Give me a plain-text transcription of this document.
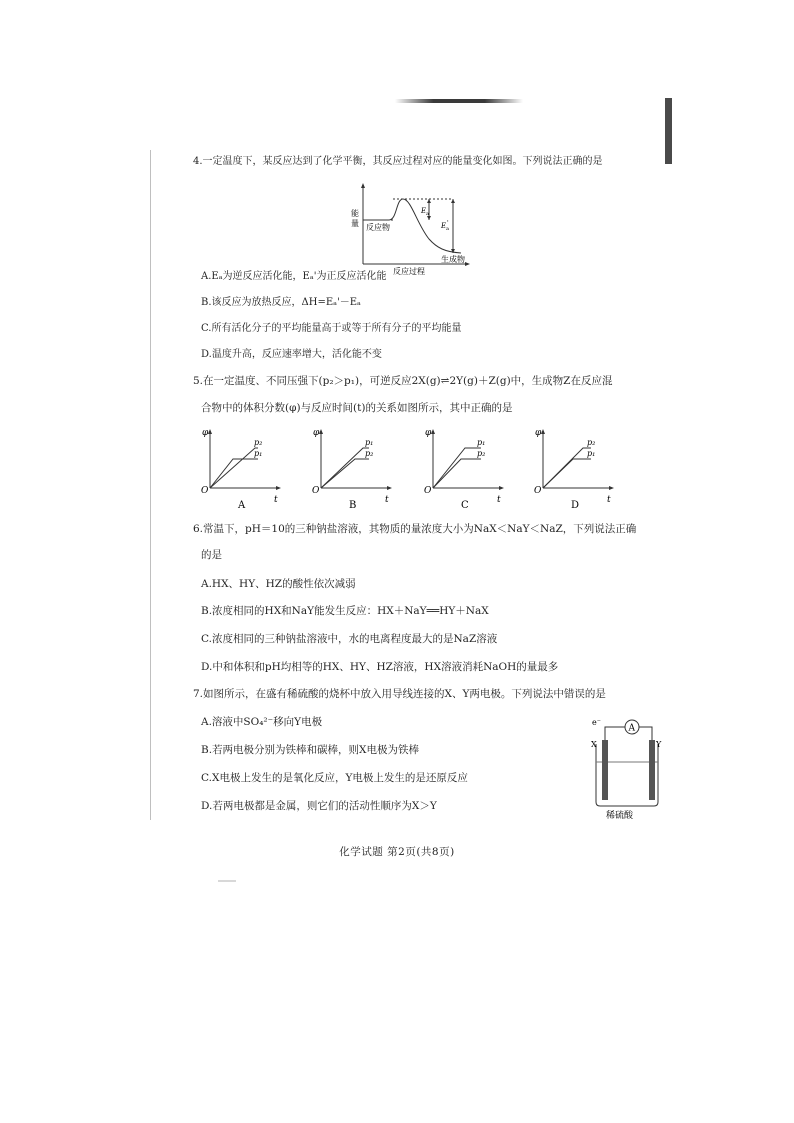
4.一定温度下，某反应达到了化学平衡，其反应过程对应的能量变化如图。下列说法正确的是
能
量 反应物
生成物
反应过程
E a
E a
'
A.Eₐ为逆反应活化能，Eₐ'为正反应活化能
B.该反应为放热反应，ΔH=Eₐ'－Eₐ
C.所有活化分子的平均能量高于或等于所有分子的平均能量
D.温度升高，反应速率增大，活化能不变
5.在一定温度、不同压强下(p₂＞p₁)，可逆反应2X(g)⇌2Y(g)＋Z(g)中，生成物Z在反应混
合物中的体积分数(φ)与反应时间(t)的关系如图所示，其中正确的是
p₂
p₁
φ
t
O
A
p₁
p₂
φ
t
O
B
p₁
p₂
φ
t
O
C
p₂
p₁
φ
t
O
D
6.常温下，pH＝10的三种钠盐溶液，其物质的量浓度大小为NaX＜NaY＜NaZ，下列说法正确
的是
A.HX、HY、HZ的酸性依次减弱
B.浓度相同的HX和NaY能发生反应：HX＋NaY══HY＋NaX
C.浓度相同的三种钠盐溶液中，水的电离程度最大的是NaZ溶液
D.中和体积和pH均相等的HX、HY、HZ溶液，HX溶液消耗NaOH的量最多
7.如图所示，在盛有稀硫酸的烧杯中放入用导线连接的X、Y两电极。下列说法中错误的是
A.溶液中SO₄²⁻移向Y电极
B.若两电极分别为铁棒和碳棒，则X电极为铁棒
C.X电极上发生的是氧化反应，Y电极上发生的是还原反应
D.若两电极都是金属，则它们的活动性顺序为X＞Y
A
e⁻
X	Y
稀硫酸
化学试题 第2页(共8页)
